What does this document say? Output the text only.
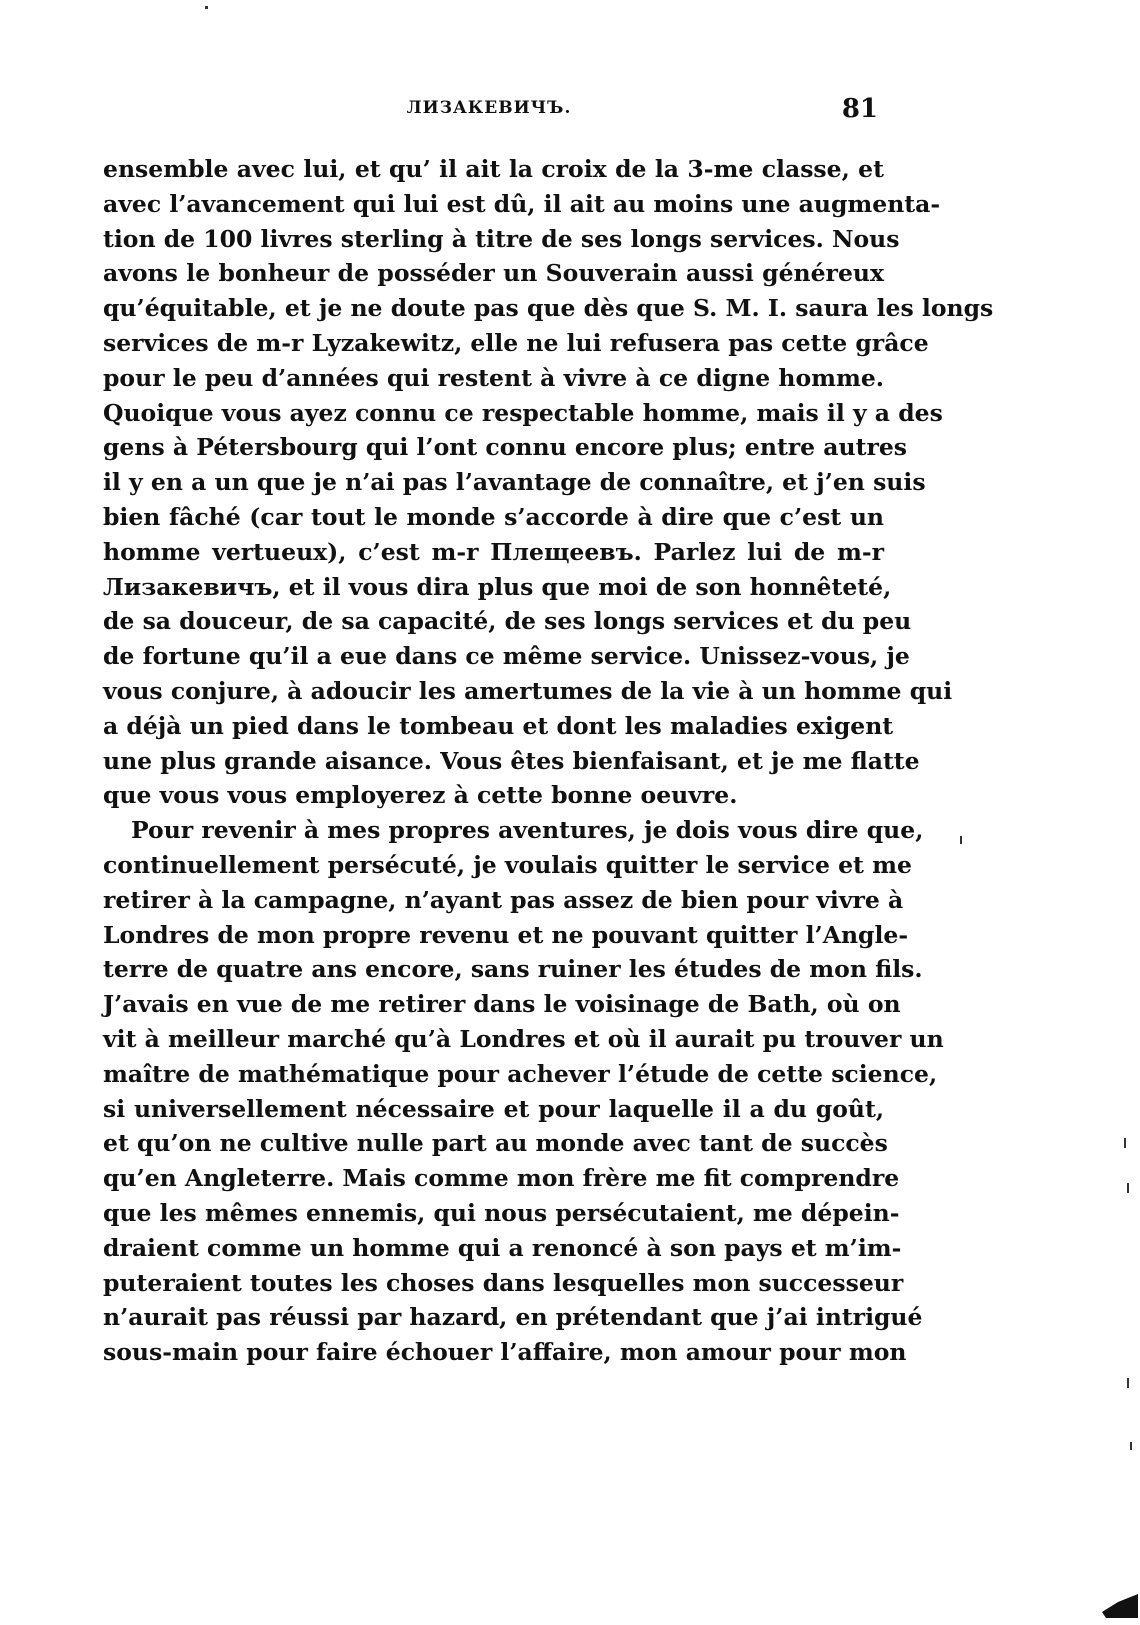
ЛИЗАКЕВИЧЪ.	81
ensemble avec lui, et qu’ il ait la croix de la 3-me classe, et
avec l’avancement qui lui est dû, il ait au moins une augmenta-
tion de 100 livres sterling à titre de ses longs services. Nous
avons le bonheur de posséder un Souverain aussi généreux
qu’équitable, et je ne doute pas que dès que S. M. I. saura les longs
services de m-r Lyzakewitz, elle ne lui refusera pas cette grâce
pour le peu d’années qui restent à vivre à ce digne homme.
Quoique vous ayez connu ce respectable homme, mais il y a des
gens à Pétersbourg qui l’ont connu encore plus; entre autres
il y en a un que je n’ai pas l’avantage de connaître, et j’en suis
bien fâché (car tout le monde s’accorde à dire que c’est un
homme vertueux), c’est m-r Плещеевъ. Parlez lui de m-r
Лизакевичъ, et il vous dira plus que moi de son honnêteté,
de sa douceur, de sa capacité, de ses longs services et du peu
de fortune qu’il a eue dans ce même service. Unissez-vous, je
vous conjure, à adoucir les amertumes de la vie à un homme qui
a déjà un pied dans le tombeau et dont les maladies exigent
une plus grande aisance. Vous êtes bienfaisant, et je me flatte
que vous vous employerez à cette bonne oeuvre.
Pour revenir à mes propres aventures, je dois vous dire que,
continuellement persécuté, je voulais quitter le service et me
retirer à la campagne, n’ayant pas assez de bien pour vivre à
Londres de mon propre revenu et ne pouvant quitter l’Angle-
terre de quatre ans encore, sans ruiner les études de mon fils.
J’avais en vue de me retirer dans le voisinage de Bath, où on
vit à meilleur marché qu’à Londres et où il aurait pu trouver un
maître de mathématique pour achever l’étude de cette science,
si universellement nécessaire et pour laquelle il a du goût,
et qu’on ne cultive nulle part au monde avec tant de succès
qu’en Angleterre. Mais comme mon frère me fit comprendre
que les mêmes ennemis, qui nous persécutaient, me dépein-
draient comme un homme qui a renoncé à son pays et m’im-
puteraient toutes les choses dans lesquelles mon successeur
n’aurait pas réussi par hazard, en prétendant que j’ai intrigué
sous-main pour faire échouer l’affaire, mon amour pour mon
